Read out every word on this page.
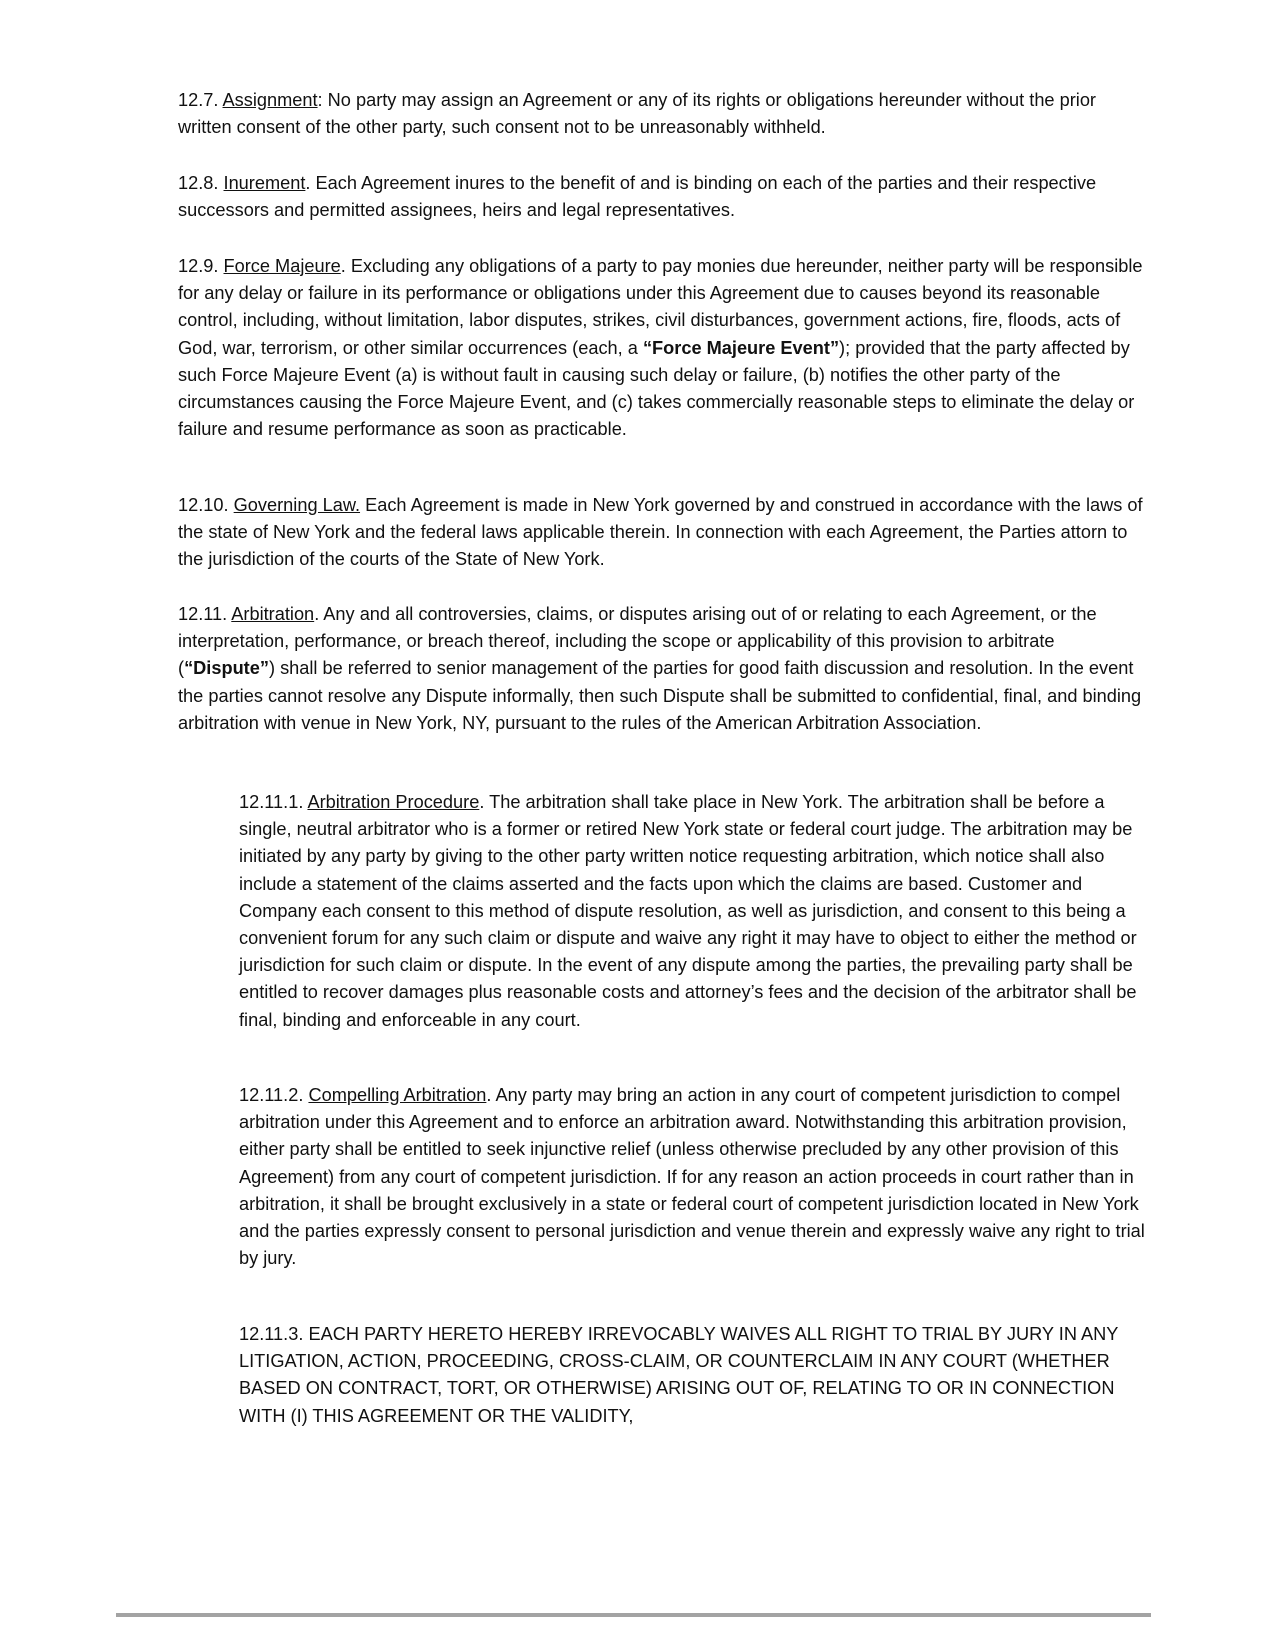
12.7. Assignment: No party may assign an Agreement or any of its rights or obligations hereunder without the prior written consent of the other party, such consent not to be unreasonably withheld.

12.8. Inurement. Each Agreement inures to the benefit of and is binding on each of the parties and their respective successors and permitted assignees, heirs and legal representatives.

12.9. Force Majeure. Excluding any obligations of a party to pay monies due hereunder, neither party will be responsible for any delay or failure in its performance or obligations under this Agreement due to causes beyond its reasonable control, including, without limitation, labor disputes, strikes, civil disturbances, government actions, fire, floods, acts of God, war, terrorism, or other similar occurrences (each, a “Force Majeure Event”); provided that the party affected by such Force Majeure Event (a) is without fault in causing such delay or failure, (b) notifies the other party of the circumstances causing the Force Majeure Event, and (c) takes commercially reasonable steps to eliminate the delay or failure and resume performance as soon as practicable.

12.10. Governing Law. Each Agreement is made in New York governed by and construed in accordance with the laws of the state of New York and the federal laws applicable therein. In connection with each Agreement, the Parties attorn to the jurisdiction of the courts of the State of New York.

12.11. Arbitration. Any and all controversies, claims, or disputes arising out of or relating to each Agreement, or the interpretation, performance, or breach thereof, including the scope or applicability of this provision to arbitrate (“Dispute”) shall be referred to senior management of the parties for good faith discussion and resolution. In the event the parties cannot resolve any Dispute informally, then such Dispute shall be submitted to confidential, final, and binding arbitration with venue in New York, NY, pursuant to the rules of the American Arbitration Association.

12.11.1. Arbitration Procedure. The arbitration shall take place in New York. The arbitration shall be before a single, neutral arbitrator who is a former or retired New York state or federal court judge. The arbitration may be initiated by any party by giving to the other party written notice requesting arbitration, which notice shall also include a statement of the claims asserted and the facts upon which the claims are based. Customer and Company each consent to this method of dispute resolution, as well as jurisdiction, and consent to this being a convenient forum for any such claim or dispute and waive any right it may have to object to either the method or jurisdiction for such claim or dispute. In the event of any dispute among the parties, the prevailing party shall be entitled to recover damages plus reasonable costs and attorney’s fees and the decision of the arbitrator shall be final, binding and enforceable in any court.

12.11.2. Compelling Arbitration. Any party may bring an action in any court of competent jurisdiction to compel arbitration under this Agreement and to enforce an arbitration award. Notwithstanding this arbitration provision, either party shall be entitled to seek injunctive relief (unless otherwise precluded by any other provision of this Agreement) from any court of competent jurisdiction. If for any reason an action proceeds in court rather than in arbitration, it shall be brought exclusively in a state or federal court of competent jurisdiction located in New York and the parties expressly consent to personal jurisdiction and venue therein and expressly waive any right to trial by jury.

12.11.3. EACH PARTY HERETO HEREBY IRREVOCABLY WAIVES ALL RIGHT TO TRIAL BY JURY IN ANY LITIGATION, ACTION, PROCEEDING, CROSS-CLAIM, OR COUNTERCLAIM IN ANY COURT (WHETHER BASED ON CONTRACT, TORT, OR OTHERWISE) ARISING OUT OF, RELATING TO OR IN CONNECTION WITH (I) THIS AGREEMENT OR THE VALIDITY,
